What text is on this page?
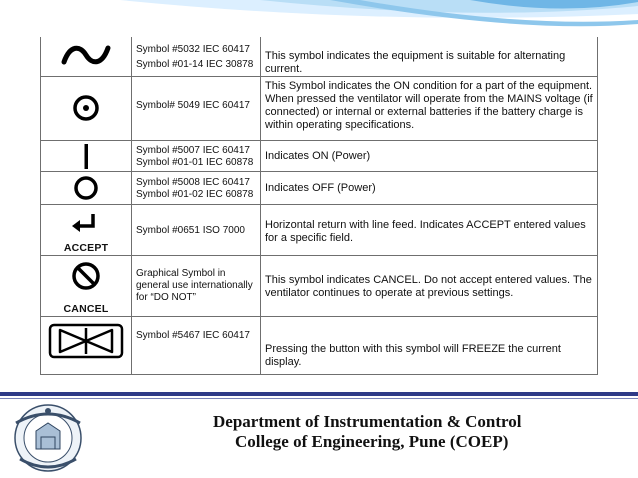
Symbol #5032 IEC 60417
Symbol #01-14 IEC 30878	This symbol indicates the equipment is suitable for alternating current.

Symbol# 5049 IEC 60417	This Symbol indicates the ON condition for a part of the equipment. When pressed the ventilator will operate from the MAINS voltage (if connected) or internal or external batteries if the battery charge is within operating specifications.

Symbol #5007 IEC 60417
Symbol #01-01 IEC 60878	Indicates ON (Power)

Symbol #5008 IEC 60417
Symbol #01-02 IEC 60878	Indicates OFF (Power)

ACCEPT	Symbol #0651 ISO 7000	Horizontal return with line feed. Indicates ACCEPT entered values for a specific field.

CANCEL	Graphical Symbol in
general use internationally
for “DO NOT”	This symbol indicates CANCEL. Do not accept entered values. The ventilator continues to operate at previous settings.

Symbol #5467 IEC 60417	Pressing the button with this symbol will FREEZE the current display.
Department of Instrumentation & Control
College of Engineering, Pune (COEP)
